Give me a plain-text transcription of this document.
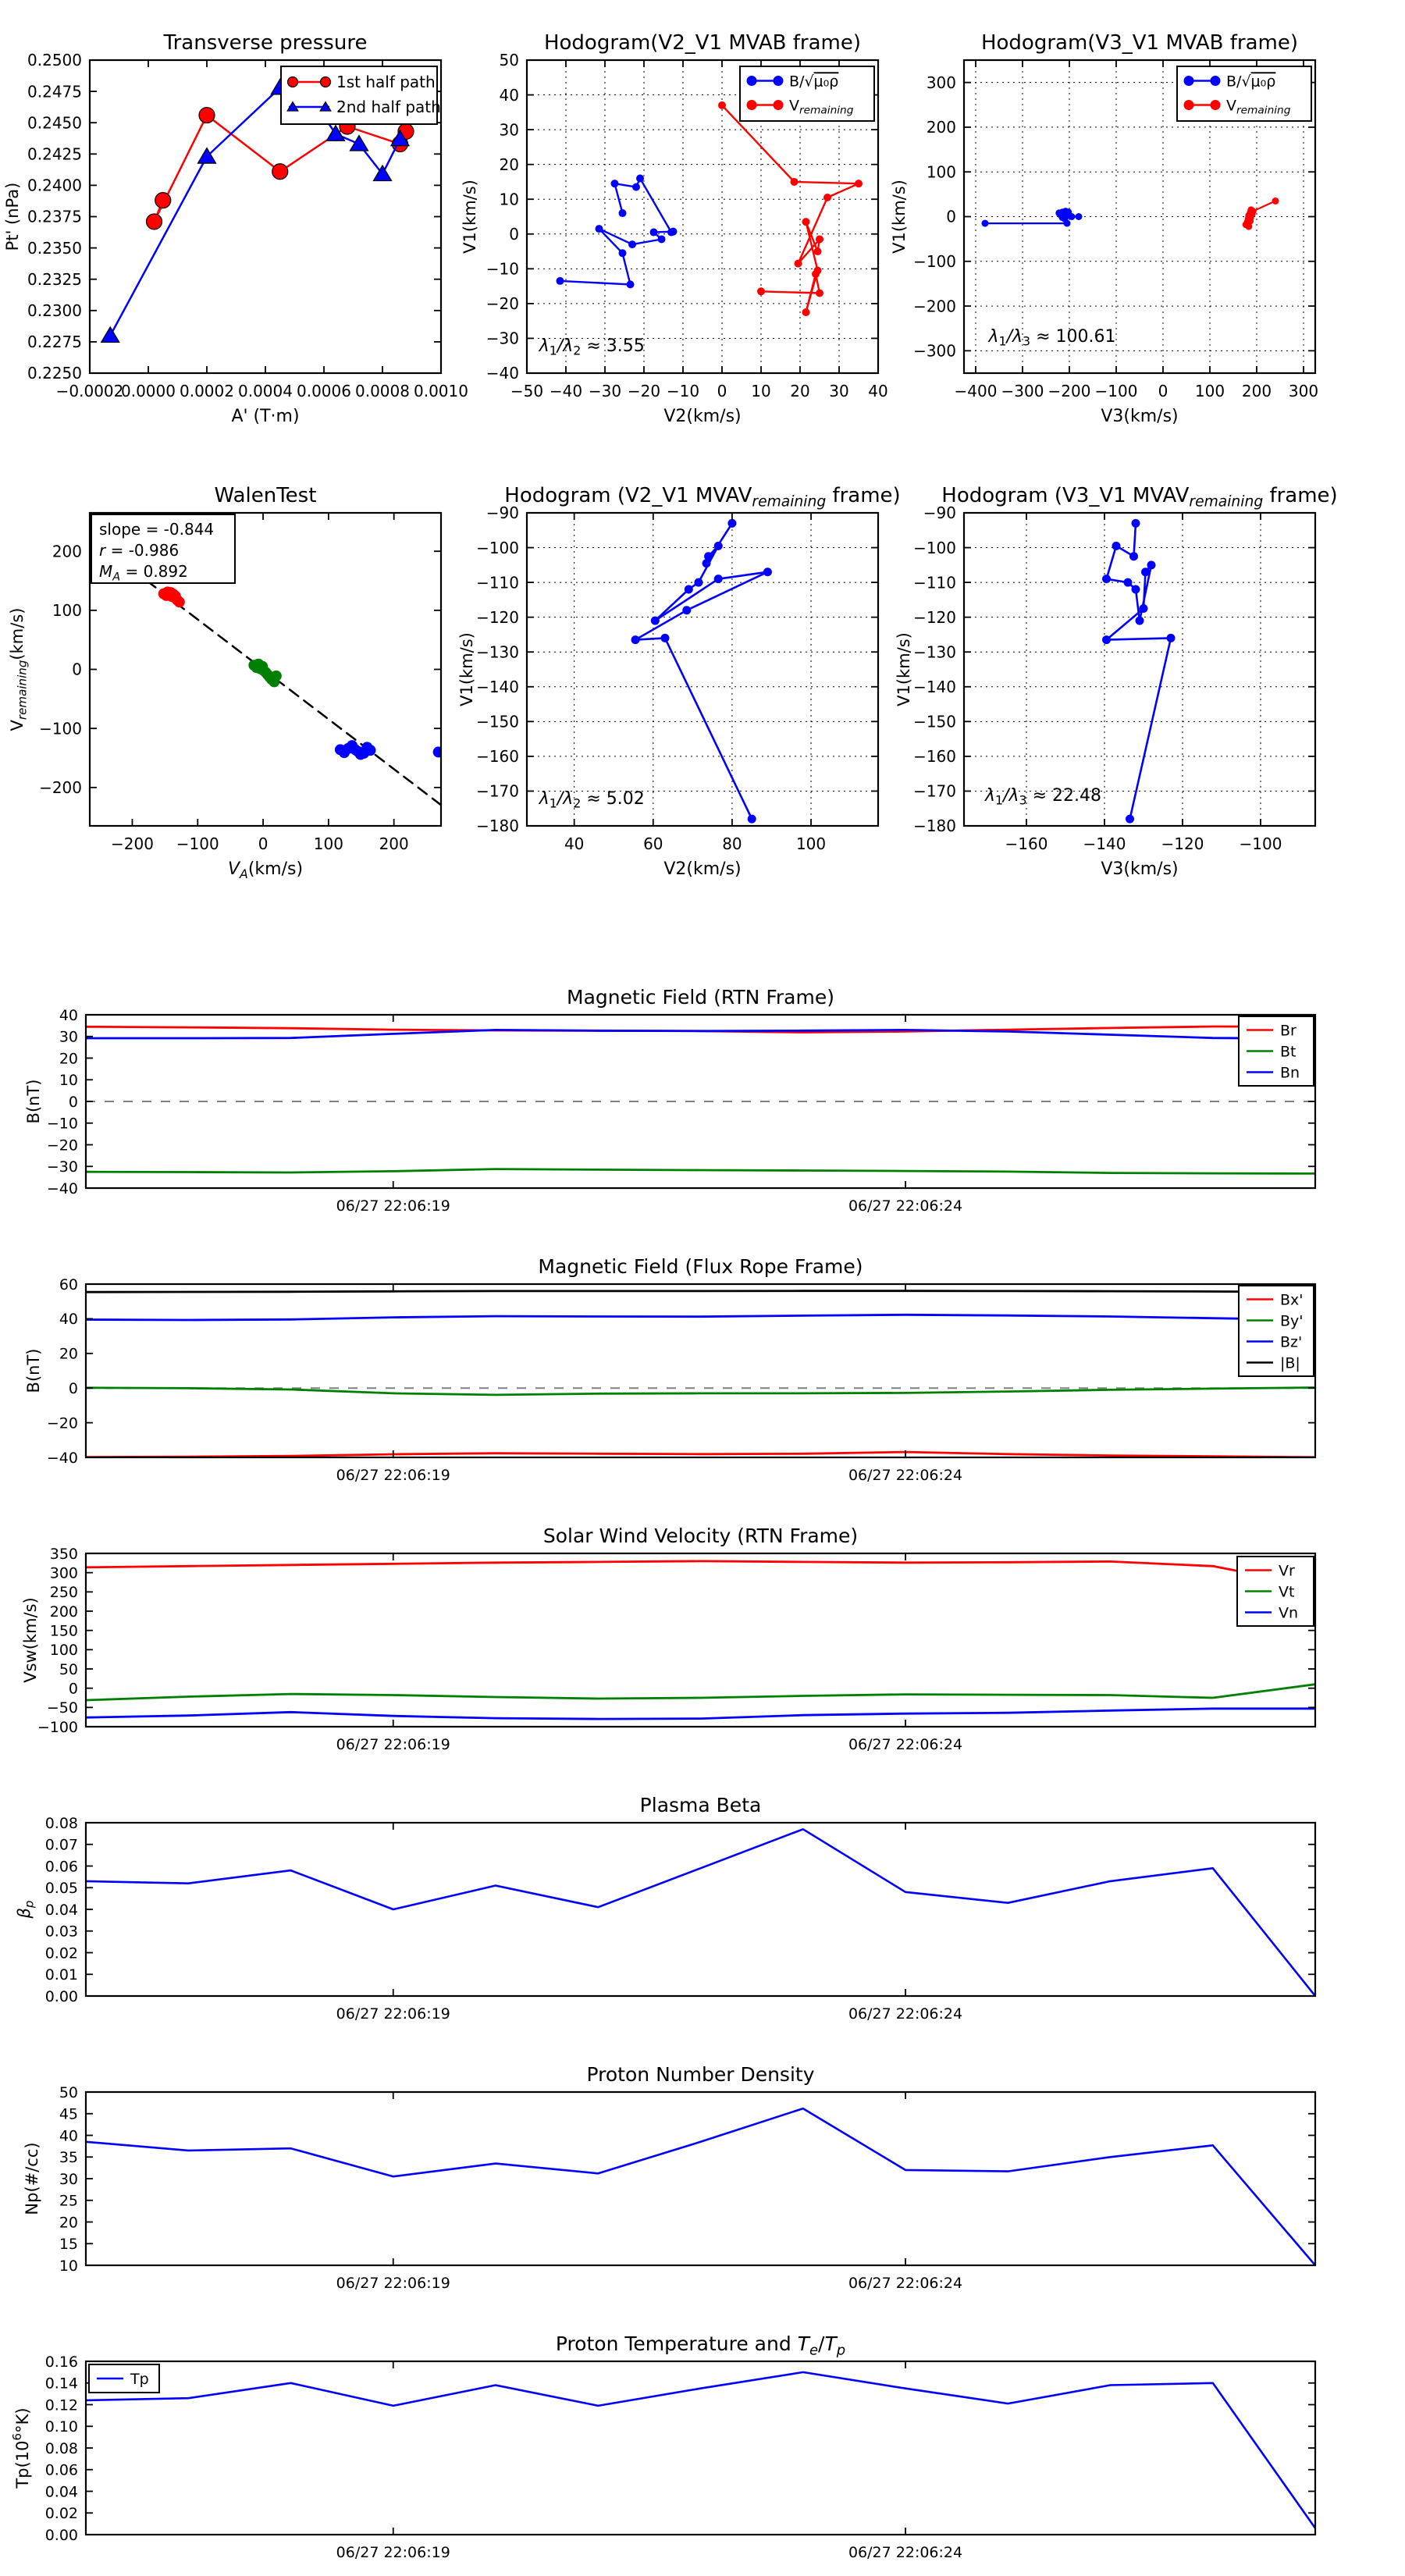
−0.0002
0.0000 0.0002 0.0004 0.0006 0.0008 0.0010
0.2250
0.2275
0.2300
0.2325
0.2350
0.2375
0.2400
0.2425
0.2450
0.2475
0.2500
Transverse pressure
A' (T·m)
Pt' (nPa)
1st half path
2nd half path
−50 −40 −30 −20 −10 0 10 20 30 40
−40
−30
−20
−10
0
10
20
30
40
50
Hodogram(V2_V1 MVAB frame)
V2(km/s)
V1(km/s)
$\lambda_1/\lambda_2 \approx 3.55$
B/√μ₀ρ
$V_{remaining}$
−400 −300 −200 −100 0 100 200 300
−300
−200
−100
0
100
200
300
Hodogram(V3_V1 MVAB frame)
V3(km/s)
V1(km/s)
$\lambda_1/\lambda_3 \approx 100.61$
B/√μ₀ρ
$V_{remaining}$
−200 −100 0	100 200
−200
−100
0
100
200
WalenTest
$V_A(km/s)$
$V_{remaining}(km/s)$
slope = -0.844
r = -0.986
$M_A = 0.892$
40	60	80	100
−180
−170
−160
−150
−140
−130
−120
−110
−100
−90
Hodogram (V2_V1 $MVAV_{remaining}$ frame)
V2(km/s)
V1(km/s)
$\lambda_1/\lambda_2 \approx 5.02$
−160 −140 −120 −100
−180
−170
−160
−150
−140
−130
−120
−110
−100
−90
Hodogram (V3_V1 $MVAV_{remaining}$ frame)
V3(km/s)
V1(km/s)
$\lambda_1/\lambda_3 \approx 22.48$
06/27 22:06:19	06/27 22:06:24
−40
−30
−20
−10
0
10
20
30
40
Magnetic Field (RTN Frame)
B(nT)
Br
Bt
Bn
06/27 22:06:19	06/27 22:06:24
−40
−20
0
20
40
60
Magnetic Field (Flux Rope Frame)
B(nT)
Bx'
By'
Bz'
|B|
06/27 22:06:19	06/27 22:06:24
−100
−50
0
50
100
150
200
250
300
350
Solar Wind Velocity (RTN Frame)
Vsw(km/s)
Vr
Vt
Vn
06/27 22:06:19	06/27 22:06:24
0.00
0.01
0.02
0.03
0.04
0.05
0.06
0.07
0.08
Plasma Beta
$\beta_p$
06/27 22:06:19	06/27 22:06:24
10
15
20
25
30
35
40
45
50
Proton Number Density
Np(#/cc)
06/27 22:06:19	06/27 22:06:24
0.00
0.02
0.04
0.06
0.08
0.10
0.12
0.14
0.16
Proton Temperature and $T_e/T_p$
$Tp(10^6^\circ K)$
Tp
